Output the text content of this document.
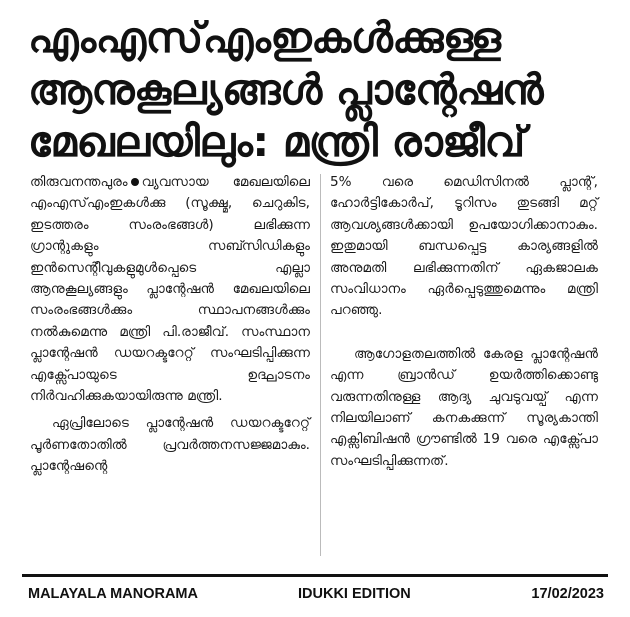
എംഎസ്എംഇകൾക്കുള്ള
ആനുകൂല്യങ്ങൾ പ്ലാന്റേഷൻ
മേഖലയിലും: മന്ത്രി രാജീവ്

തിരുവനന്തപുരം വ്യവസായ മേഖലയിലെ എംഎസ്എംഇകൾക്കു (സൂക്ഷ്മ, ചെറുകിട, ഇടത്തരം സംരംഭങ്ങൾ) ലഭിക്കുന്ന ഗ്രാന്റുകളും സബ്സിഡികളും ഇൻസെന്റീവുകളുമുൾപ്പെടെ എല്ലാ ആനുകൂല്യങ്ങളും പ്ലാന്റേഷൻ മേഖലയിലെ സംരംഭങ്ങൾക്കും സ്ഥാപനങ്ങൾക്കും നൽകുമെന്നു മന്ത്രി പി.രാജീവ്. സംസ്ഥാന പ്ലാന്റേഷൻ ഡയറക്ടറേറ്റ് സംഘടിപ്പിക്കുന്ന എക്സ്പോയുടെ ഉദ്ഘാടനം നിർവഹിക്കുകയായിരുന്നു മന്ത്രി.

ഏപ്രിലോടെ പ്ലാന്റേഷൻ ഡയറക്ടറേറ്റ് പൂർണതോതിൽ പ്രവർത്തനസജ്ജമാകും. പ്ലാന്റേഷന്റെ

5% വരെ മെഡിസിനൽ പ്ലാന്റ്, ഹോർട്ടികോർപ്, ടൂറിസം തുടങ്ങി മറ്റ് ആവശ്യങ്ങൾക്കായി ഉപയോഗിക്കാനാകും. ഇതുമായി ബന്ധപ്പെട്ട കാര്യങ്ങളിൽ അനുമതി ലഭിക്കുന്നതിന് ഏകജാലക സംവിധാനം ഏർപ്പെടുത്തുമെന്നും മന്ത്രി പറഞ്ഞു.

ആഗോളതലത്തിൽ കേരള പ്ലാന്റേഷൻ എന്ന ബ്രാൻഡ് ഉയർത്തിക്കൊണ്ടു വരുന്നതിനുള്ള ആദ്യ ചുവടുവയ്പ് എന്ന നിലയിലാണ് കനകക്കുന്ന് സൂര്യകാന്തി എക്സിബിഷൻ ഗ്രൗണ്ടിൽ 19 വരെ എക്സ്പോ സംഘടിപ്പിക്കുന്നത്.

MALAYALA MANORAMA	IDUKKI EDITION	17/02/2023
